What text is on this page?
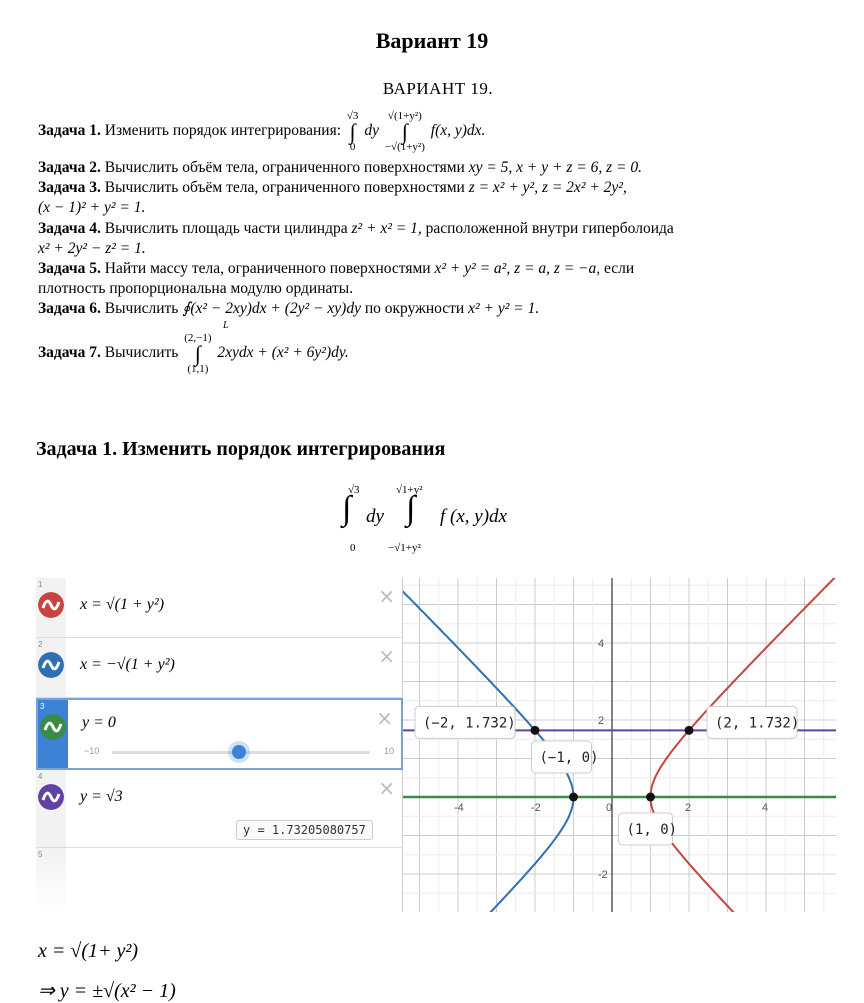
Вариант 19
ВАРИАНТ 19.
Задача 1. Изменить порядок интегрирования:
√3
∫
0
dy
√(1+y²)
∫
−√(1+y²)
f(x, y)dx.
Задача 2. Вычислить объём тела, ограниченного поверхностями xy = 5, x + y + z = 6, z = 0.
Задача 3. Вычислить объём тела, ограниченного поверхностями z = x² + y², z = 2x² + 2y²,
(x − 1)² + y² = 1.
Задача 4. Вычислить площадь части цилиндра z² + x² = 1, расположенной внутри гиперболоида
x² + 2y² − z² = 1.
Задача 5. Найти массу тела, ограниченного поверхностями x² + y² = a², z = a, z = −a, если
плотность пропорциональна модулю ординаты.
Задача 6. Вычислить ∮(x² − 2xy)dx + (2y² − xy)dy по окружности x² + y² = 1.
L
Задача 7. Вычислить
(2,−1)
∫
(1,1)
2xydx + (x² + 6y²)dy.
Задача 1. Изменить порядок интегрирования
√3
∫
0
dy
√1+y²
∫
−√1+y²
f (x, y)dx
1
x = √(1 + y²)	×
2
x = −√(1 + y²)	×
3
y = 0	×
−10	10
4
y = √3	×
y = 1.73205080757
5
-4	-2	0	2	4
4
2
-2
(−2, 1.732)	(2, 1.732)
(−1, 0)
(1, 0)
x = √(1+ y²)
⇒ y = ±√(x² − 1)
